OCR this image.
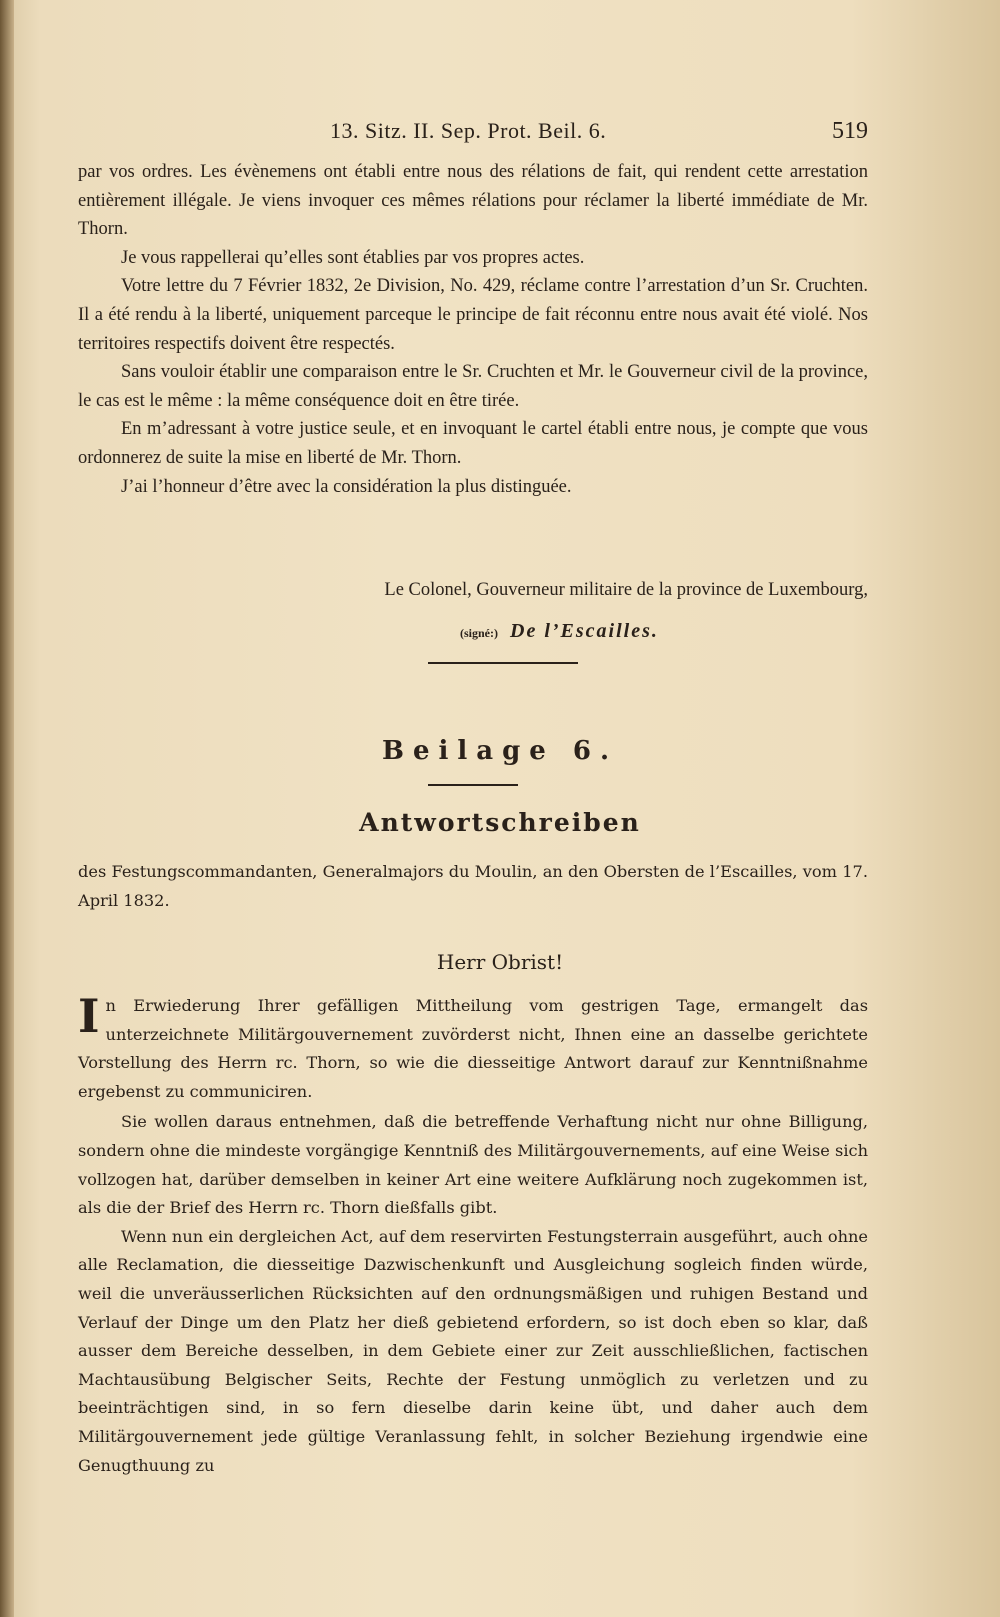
13. Sitz. II. Sep. Prot. Beil. 6.	519

par vos ordres. Les évènemens ont établi entre nous des rélations de fait, qui rendent cette arrestation entièrement illégale. Je viens invoquer ces mêmes rélations pour réclamer la liberté immédiate de Mr. Thorn.

Je vous rappellerai qu’elles sont établies par vos propres actes.

Votre lettre du 7 Février 1832, 2e Division, No. 429, réclame contre l’arrestation d’un Sr. Cruchten. Il a été rendu à la liberté, uniquement parceque le principe de fait réconnu entre nous avait été violé. Nos territoires respectifs doivent être respectés.

Sans vouloir établir une comparaison entre le Sr. Cruchten et Mr. le Gouverneur civil de la province, le cas est le même : la même conséquence doit en être tirée.

En m’adressant à votre justice seule, et en invoquant le cartel établi entre nous, je compte que vous ordonnerez de suite la mise en liberté de Mr. Thorn.

J’ai l’honneur d’être avec la considération la plus distinguée.

Le Colonel, Gouverneur militaire de la province de Luxembourg,
(signé:) De l’Escailles.
Beilage 6.
Antwortschreiben

des Festungscommandanten, Generalmajors du Moulin, an den Obersten de l’Escailles, vom 17. April 1832.

Herr Obrist!

In Erwiederung Ihrer gefälligen Mittheilung vom gestrigen Tage, ermangelt das unterzeichnete Militärgouvernement zuvörderst nicht, Ihnen eine an dasselbe gerichtete Vorstellung des Herrn rc. Thorn, so wie die diesseitige Antwort darauf zur Kenntnißnahme ergebenst zu communiciren.

Sie wollen daraus entnehmen, daß die betreffende Verhaftung nicht nur ohne Billigung, sondern ohne die mindeste vorgängige Kenntniß des Militärgouvernements, auf eine Weise sich vollzogen hat, darüber demselben in keiner Art eine weitere Aufklärung noch zugekommen ist, als die der Brief des Herrn rc. Thorn dießfalls gibt.

Wenn nun ein dergleichen Act, auf dem reservirten Festungsterrain ausgeführt, auch ohne alle Reclamation, die diesseitige Dazwischenkunft und Ausgleichung sogleich finden würde, weil die unveräusserlichen Rücksichten auf den ordnungsmäßigen und ruhigen Bestand und Verlauf der Dinge um den Platz her dieß gebietend erfordern, so ist doch eben so klar, daß ausser dem Bereiche desselben, in dem Gebiete einer zur Zeit ausschließlichen, factischen Machtausübung Belgischer Seits, Rechte der Festung unmöglich zu verletzen und zu beeinträchtigen sind, in so fern dieselbe darin keine übt, und daher auch dem Militärgouvernement jede gültige Veranlassung fehlt, in solcher Beziehung irgendwie eine Genugthuung zu
